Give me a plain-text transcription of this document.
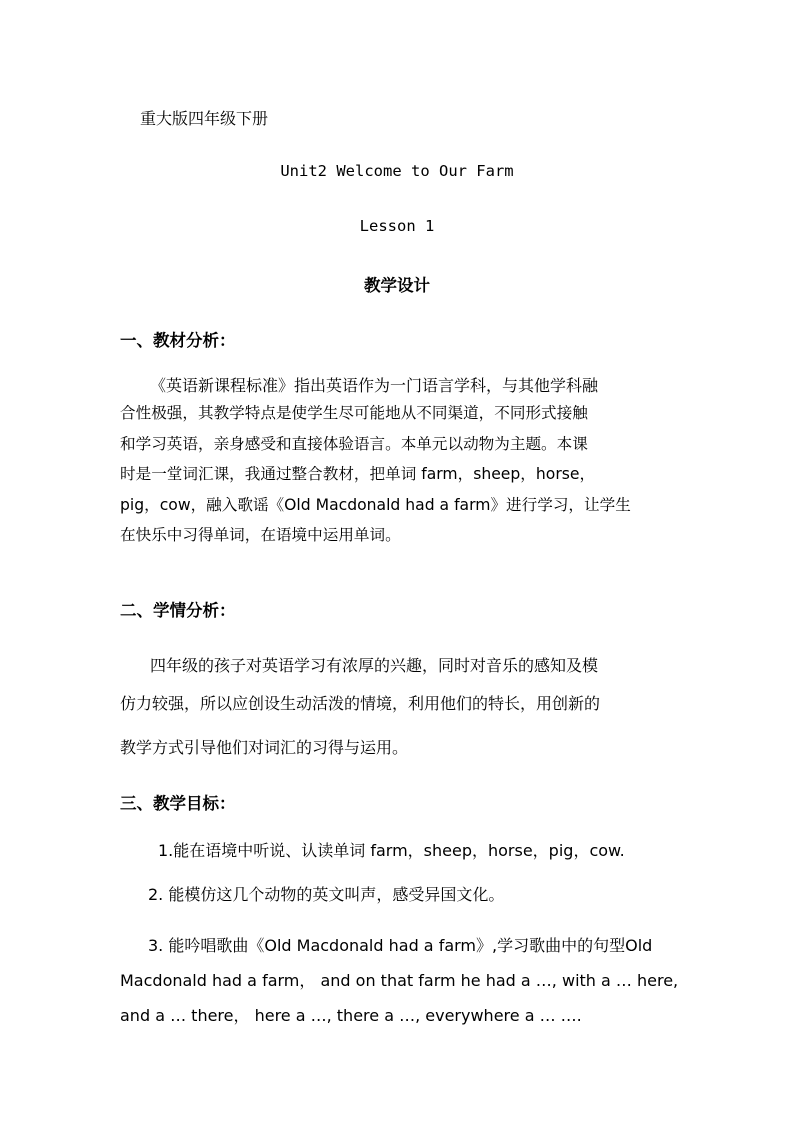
重大版四年级下册
Unit2 Welcome to Our Farm
Lesson 1
教学设计
一、教材分析：
《英语新课程标准》指出英语作为一门语言学科，与其他学科融
合性极强，其教学特点是使学生尽可能地从不同渠道，不同形式接触
和学习英语，亲身感受和直接体验语言。本单元以动物为主题。本课
时是一堂词汇课，我通过整合教材，把单词 farm，sheep，horse，
pig，cow，融入歌谣《Old Macdonald had a farm》进行学习，让学生
在快乐中习得单词，在语境中运用单词。
二、学情分析：
四年级的孩子对英语学习有浓厚的兴趣，同时对音乐的感知及模
仿力较强，所以应创设生动活泼的情境，利用他们的特长，用创新的
教学方式引导他们对词汇的习得与运用。
三、教学目标：
1.能在语境中听说、认读单词 farm，sheep，horse，pig，cow.
2. 能模仿这几个动物的英文叫声，感受异国文化。
3. 能吟唱歌曲《Old Macdonald had a farm》,学习歌曲中的句型Old
Macdonald had a farm， and on that farm he had a …, with a … here,
and a … there， here a …, there a …, everywhere a … ….
